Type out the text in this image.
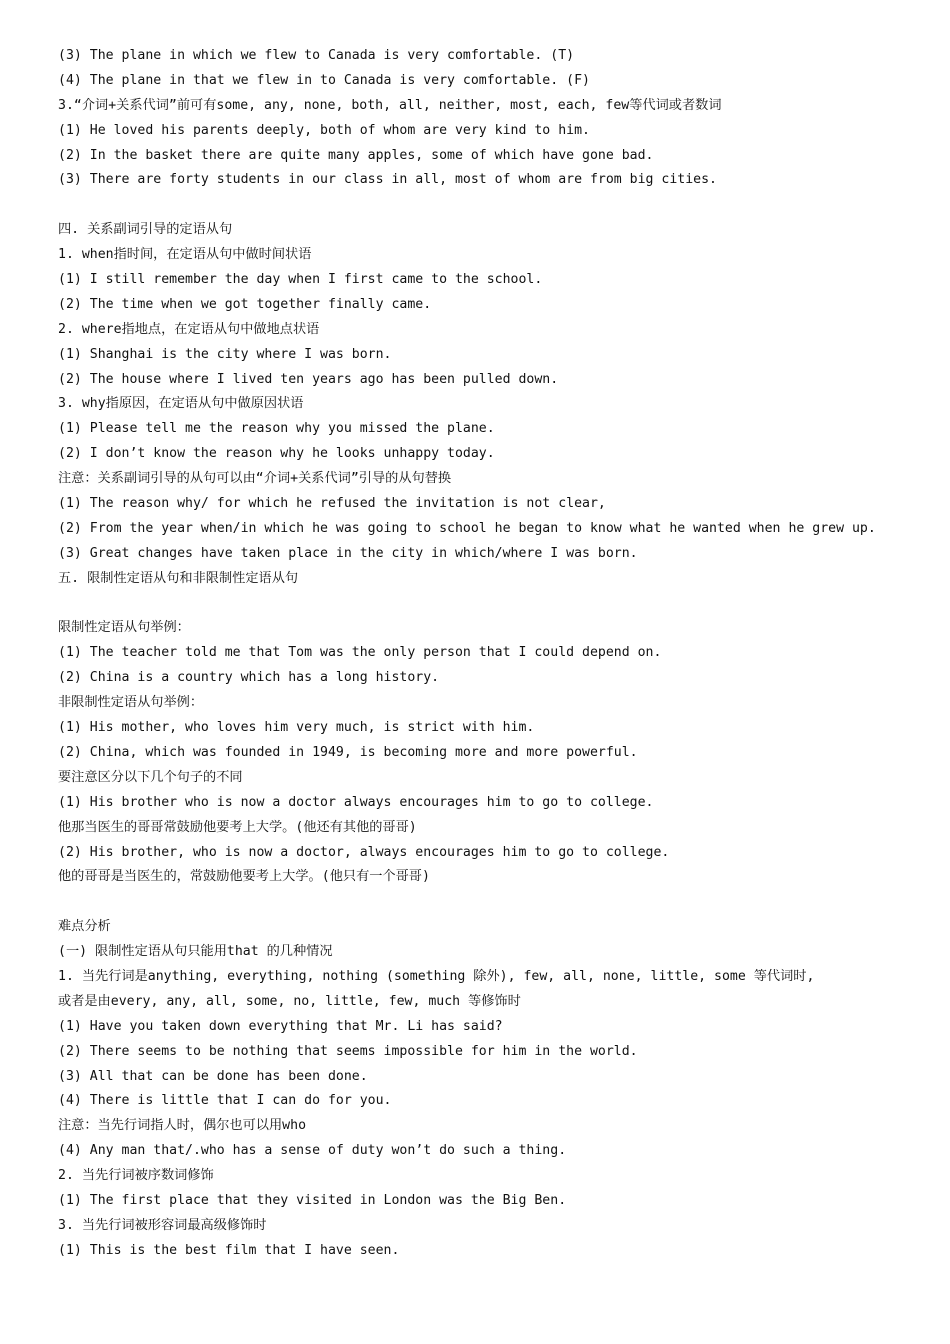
(3) The plane in which we flew to Canada is very comfortable. (T)
(4) The plane in that we flew in to Canada is very comfortable. (F)
3.“介词+关系代词”前可有some, any, none, both, all, neither, most, each, few等代词或者数词
(1) He loved his parents deeply, both of whom are very kind to him.
(2) In the basket there are quite many apples, some of which have gone bad.
(3) There are forty students in our class in all, most of whom are from big cities.
四. 关系副词引导的定语从句
1. when指时间，在定语从句中做时间状语
(1) I still remember the day when I first came to the school.
(2) The time when we got together finally came.
2. where指地点，在定语从句中做地点状语
(1) Shanghai is the city where I was born.
(2) The house where I lived ten years ago has been pulled down.
3. why指原因，在定语从句中做原因状语
(1) Please tell me the reason why you missed the plane.
(2) I don’t know the reason why he looks unhappy today.
注意：关系副词引导的从句可以由“介词+关系代词”引导的从句替换
(1) The reason why/ for which he refused the invitation is not clear,
(2) From the year when/in which he was going to school he began to know what he wanted when he grew up.
(3) Great changes have taken place in the city in which/where I was born.
五. 限制性定语从句和非限制性定语从句
限制性定语从句举例：
(1) The teacher told me that Tom was the only person that I could depend on.
(2) China is a country which has a long history.
非限制性定语从句举例：
(1) His mother, who loves him very much, is strict with him.
(2) China, which was founded in 1949, is becoming more and more powerful.
要注意区分以下几个句子的不同
(1) His brother who is now a doctor always encourages him to go to college.
他那当医生的哥哥常鼓励他要考上大学。(他还有其他的哥哥)
(2) His brother, who is now a doctor, always encourages him to go to college.
他的哥哥是当医生的，常鼓励他要考上大学。(他只有一个哥哥)
难点分析
(一) 限制性定语从句只能用that 的几种情况
1. 当先行词是anything, everything, nothing (something 除外), few, all, none, little, some 等代词时,
或者是由every, any, all, some, no, little, few, much 等修饰时
(1) Have you taken down everything that Mr. Li has said?
(2) There seems to be nothing that seems impossible for him in the world.
(3) All that can be done has been done.
(4) There is little that I can do for you.
注意：当先行词指人时，偶尔也可以用who
(4) Any man that/.who has a sense of duty won’t do such a thing.
2. 当先行词被序数词修饰
(1) The first place that they visited in London was the Big Ben.
3. 当先行词被形容词最高级修饰时
(1) This is the best film that I have seen.
